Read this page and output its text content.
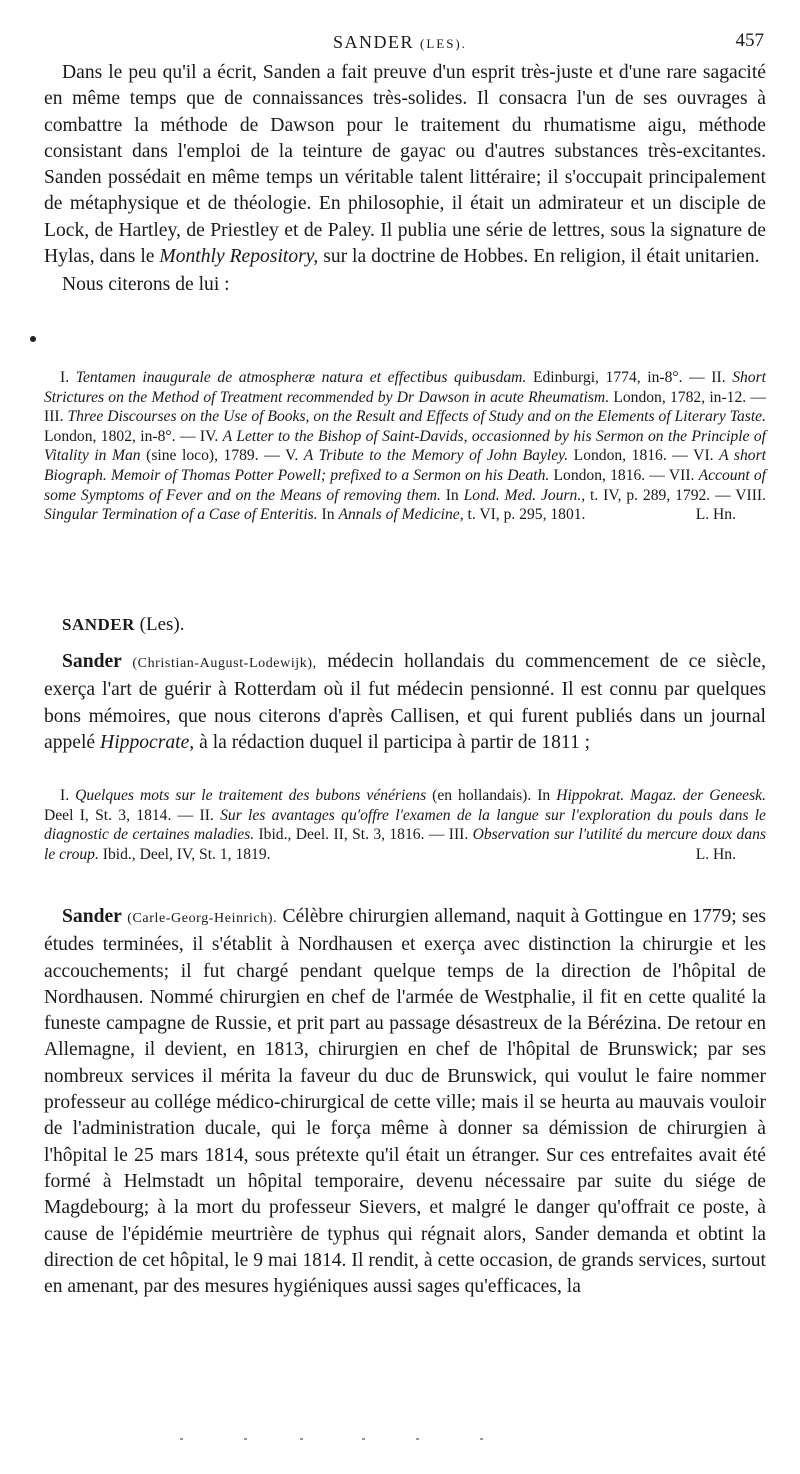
SANDER (LES).	457

Dans le peu qu'il a écrit, Sanden a fait preuve d'un esprit très-juste et d'une rare sagacité en même temps que de connaissances très-solides. Il consacra l'un de ses ouvrages à combattre la méthode de Dawson pour le traitement du rhumatisme aigu, méthode consistant dans l'emploi de la teinture de gayac ou d'autres substances très-excitantes. Sanden possédait en même temps un véritable talent littéraire; il s'occupait principalement de métaphysique et de théologie. En philosophie, il était un admirateur et un disciple de Lock, de Hartley, de Priestley et de Paley. Il publia une série de lettres, sous la signature de Hylas, dans le Monthly Repository, sur la doctrine de Hobbes. En religion, il était unitarien.

Nous citerons de lui :

I. Tentamen inaugurale de atmospheræ natura et effectibus quibusdam. Edinburgi, 1774, in-8°. — II. Short Strictures on the Method of Treatment recommended by Dr Dawson in acute Rheumatism. London, 1782, in-12. — III. Three Discourses on the Use of Books, on the Result and Effects of Study and on the Elements of Literary Taste. London, 1802, in-8°. — IV. A Letter to the Bishop of Saint-Davids, occasionned by his Sermon on the Principle of Vitality in Man (sine loco), 1789. — V. A Tribute to the Memory of John Bayley. London, 1816. — VI. A short Biograph. Memoir of Thomas Potter Powell; prefixed to a Sermon on his Death. London, 1816. — VII. Account of some Symptoms of Fever and on the Means of removing them. In Lond. Med. Journ., t. IV, p. 289, 1792. — VIII. Singular Termination of a Case of Enteritis. In Annals of Medicine, t. VI, p. 295, 1801.	L. Hn.

SANDER (Les).

Sander (Christian-August-Lodewijk), médecin hollandais du commencement de ce siècle, exerça l'art de guérir à Rotterdam où il fut médecin pensionné. Il est connu par quelques bons mémoires, que nous citerons d'après Callisen, et qui furent publiés dans un journal appelé Hippocrate, à la rédaction duquel il participa à partir de 1811 ;

I. Quelques mots sur le traitement des bubons vénériens (en hollandais). In Hippokrat. Magaz. der Geneesk. Deel I, St. 3, 1814. — II. Sur les avantages qu'offre l'examen de la langue sur l'exploration du pouls dans le diagnostic de certaines maladies. Ibid., Deel. II, St. 3, 1816. — III. Observation sur l'utilité du mercure doux dans le croup. Ibid., Deel, IV, St. 1, 1819.	L. Hn.

Sander (Carle-Georg-Heinrich). Célèbre chirurgien allemand, naquit à Gottingue en 1779; ses études terminées, il s'établit à Nordhausen et exerça avec distinction la chirurgie et les accouchements; il fut chargé pendant quelque temps de la direction de l'hôpital de Nordhausen. Nommé chirurgien en chef de l'armée de Westphalie, il fit en cette qualité la funeste campagne de Russie, et prit part au passage désastreux de la Bérézina. De retour en Allemagne, il devient, en 1813, chirurgien en chef de l'hôpital de Brunswick; par ses nombreux services il mérita la faveur du duc de Brunswick, qui voulut le faire nommer professeur au collége médico-chirurgical de cette ville; mais il se heurta au mauvais vouloir de l'administration ducale, qui le força même à donner sa démission de chirurgien à l'hôpital le 25 mars 1814, sous prétexte qu'il était un étranger. Sur ces entrefaites avait été formé à Helmstadt un hôpital temporaire, devenu nécessaire par suite du siége de Magdebourg; à la mort du professeur Sievers, et malgré le danger qu'offrait ce poste, à cause de l'épidémie meurtrière de typhus qui régnait alors, Sander demanda et obtint la direction de cet hôpital, le 9 mai 1814. Il rendit, à cette occasion, de grands services, surtout en amenant, par des mesures hygiéniques aussi sages qu'efficaces, la
